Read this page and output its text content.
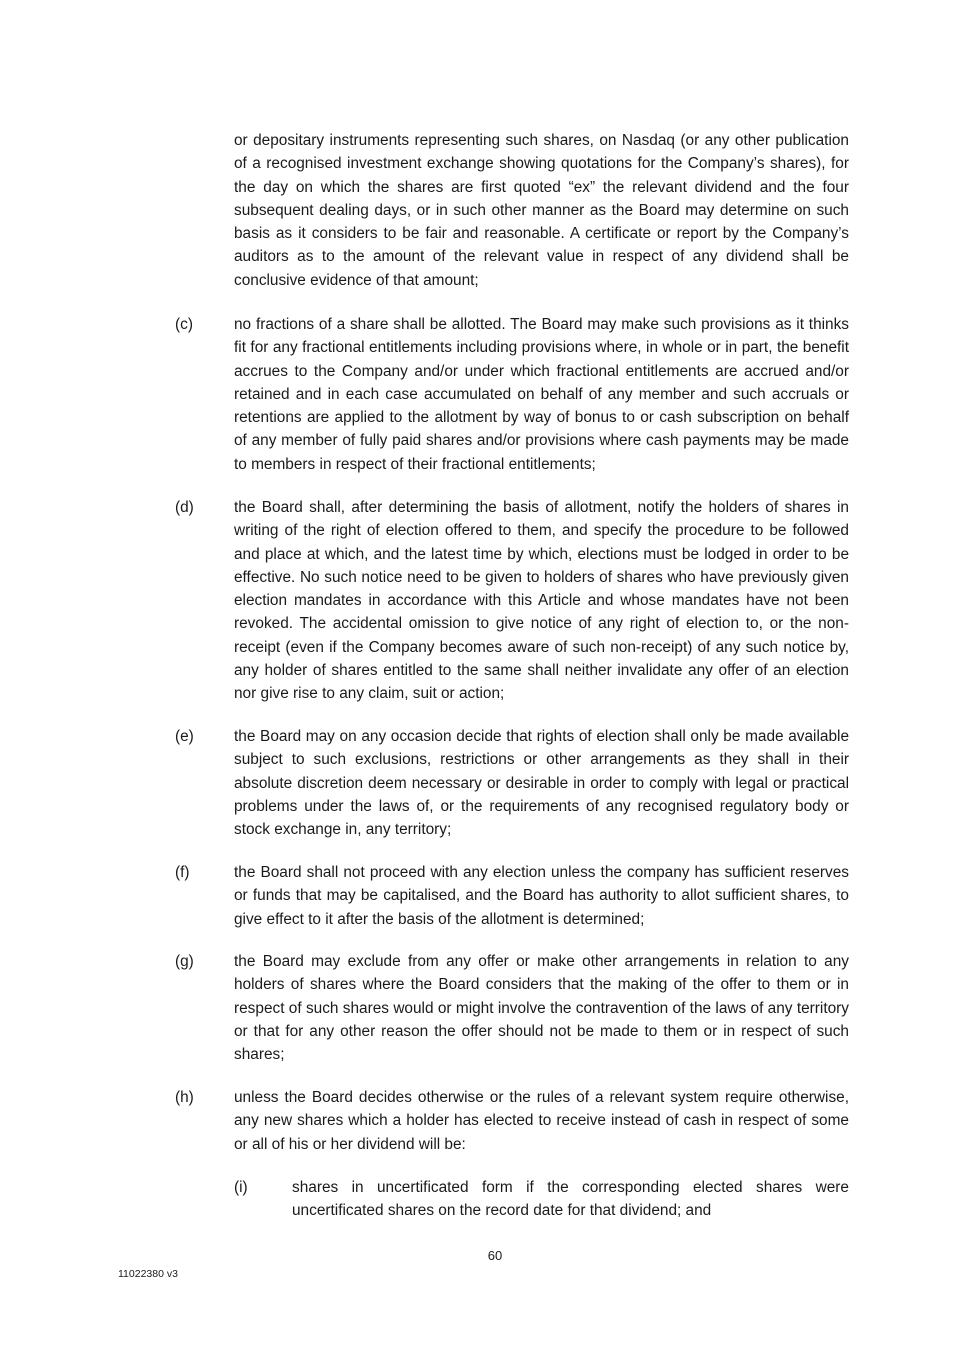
or depositary instruments representing such shares, on Nasdaq (or any other publication of a recognised investment exchange showing quotations for the Company’s shares), for the day on which the shares are first quoted “ex” the relevant dividend and the four subsequent dealing days, or in such other manner as the Board may determine on such basis as it considers to be fair and reasonable. A certificate or report by the Company’s auditors as to the amount of the relevant value in respect of any dividend shall be conclusive evidence of that amount;

(c)	no fractions of a share shall be allotted. The Board may make such provisions as it thinks fit for any fractional entitlements including provisions where, in whole or in part, the benefit accrues to the Company and/or under which fractional entitlements are accrued and/or retained and in each case accumulated on behalf of any member and such accruals or retentions are applied to the allotment by way of bonus to or cash subscription on behalf of any member of fully paid shares and/or provisions where cash payments may be made to members in respect of their fractional entitlements;

(d)	the Board shall, after determining the basis of allotment, notify the holders of shares in writing of the right of election offered to them, and specify the procedure to be followed and place at which, and the latest time by which, elections must be lodged in order to be effective. No such notice need to be given to holders of shares who have previously given election mandates in accordance with this Article and whose mandates have not been revoked. The accidental omission to give notice of any right of election to, or the non-receipt (even if the Company becomes aware of such non-receipt) of any such notice by, any holder of shares entitled to the same shall neither invalidate any offer of an election nor give rise to any claim, suit or action;

(e)	the Board may on any occasion decide that rights of election shall only be made available subject to such exclusions, restrictions or other arrangements as they shall in their absolute discretion deem necessary or desirable in order to comply with legal or practical problems under the laws of, or the requirements of any recognised regulatory body or stock exchange in, any territory;

(f)	the Board shall not proceed with any election unless the company has sufficient reserves or funds that may be capitalised, and the Board has authority to allot sufficient shares, to give effect to it after the basis of the allotment is determined;

(g)	the Board may exclude from any offer or make other arrangements in relation to any holders of shares where the Board considers that the making of the offer to them or in respect of such shares would or might involve the contravention of the laws of any territory or that for any other reason the offer should not be made to them or in respect of such shares;

(h)	unless the Board decides otherwise or the rules of a relevant system require otherwise, any new shares which a holder has elected to receive instead of cash in respect of some or all of his or her dividend will be:

(i)	shares in uncertificated form if the corresponding elected shares were uncertificated shares on the record date for that dividend; and

60
11022380 v3
